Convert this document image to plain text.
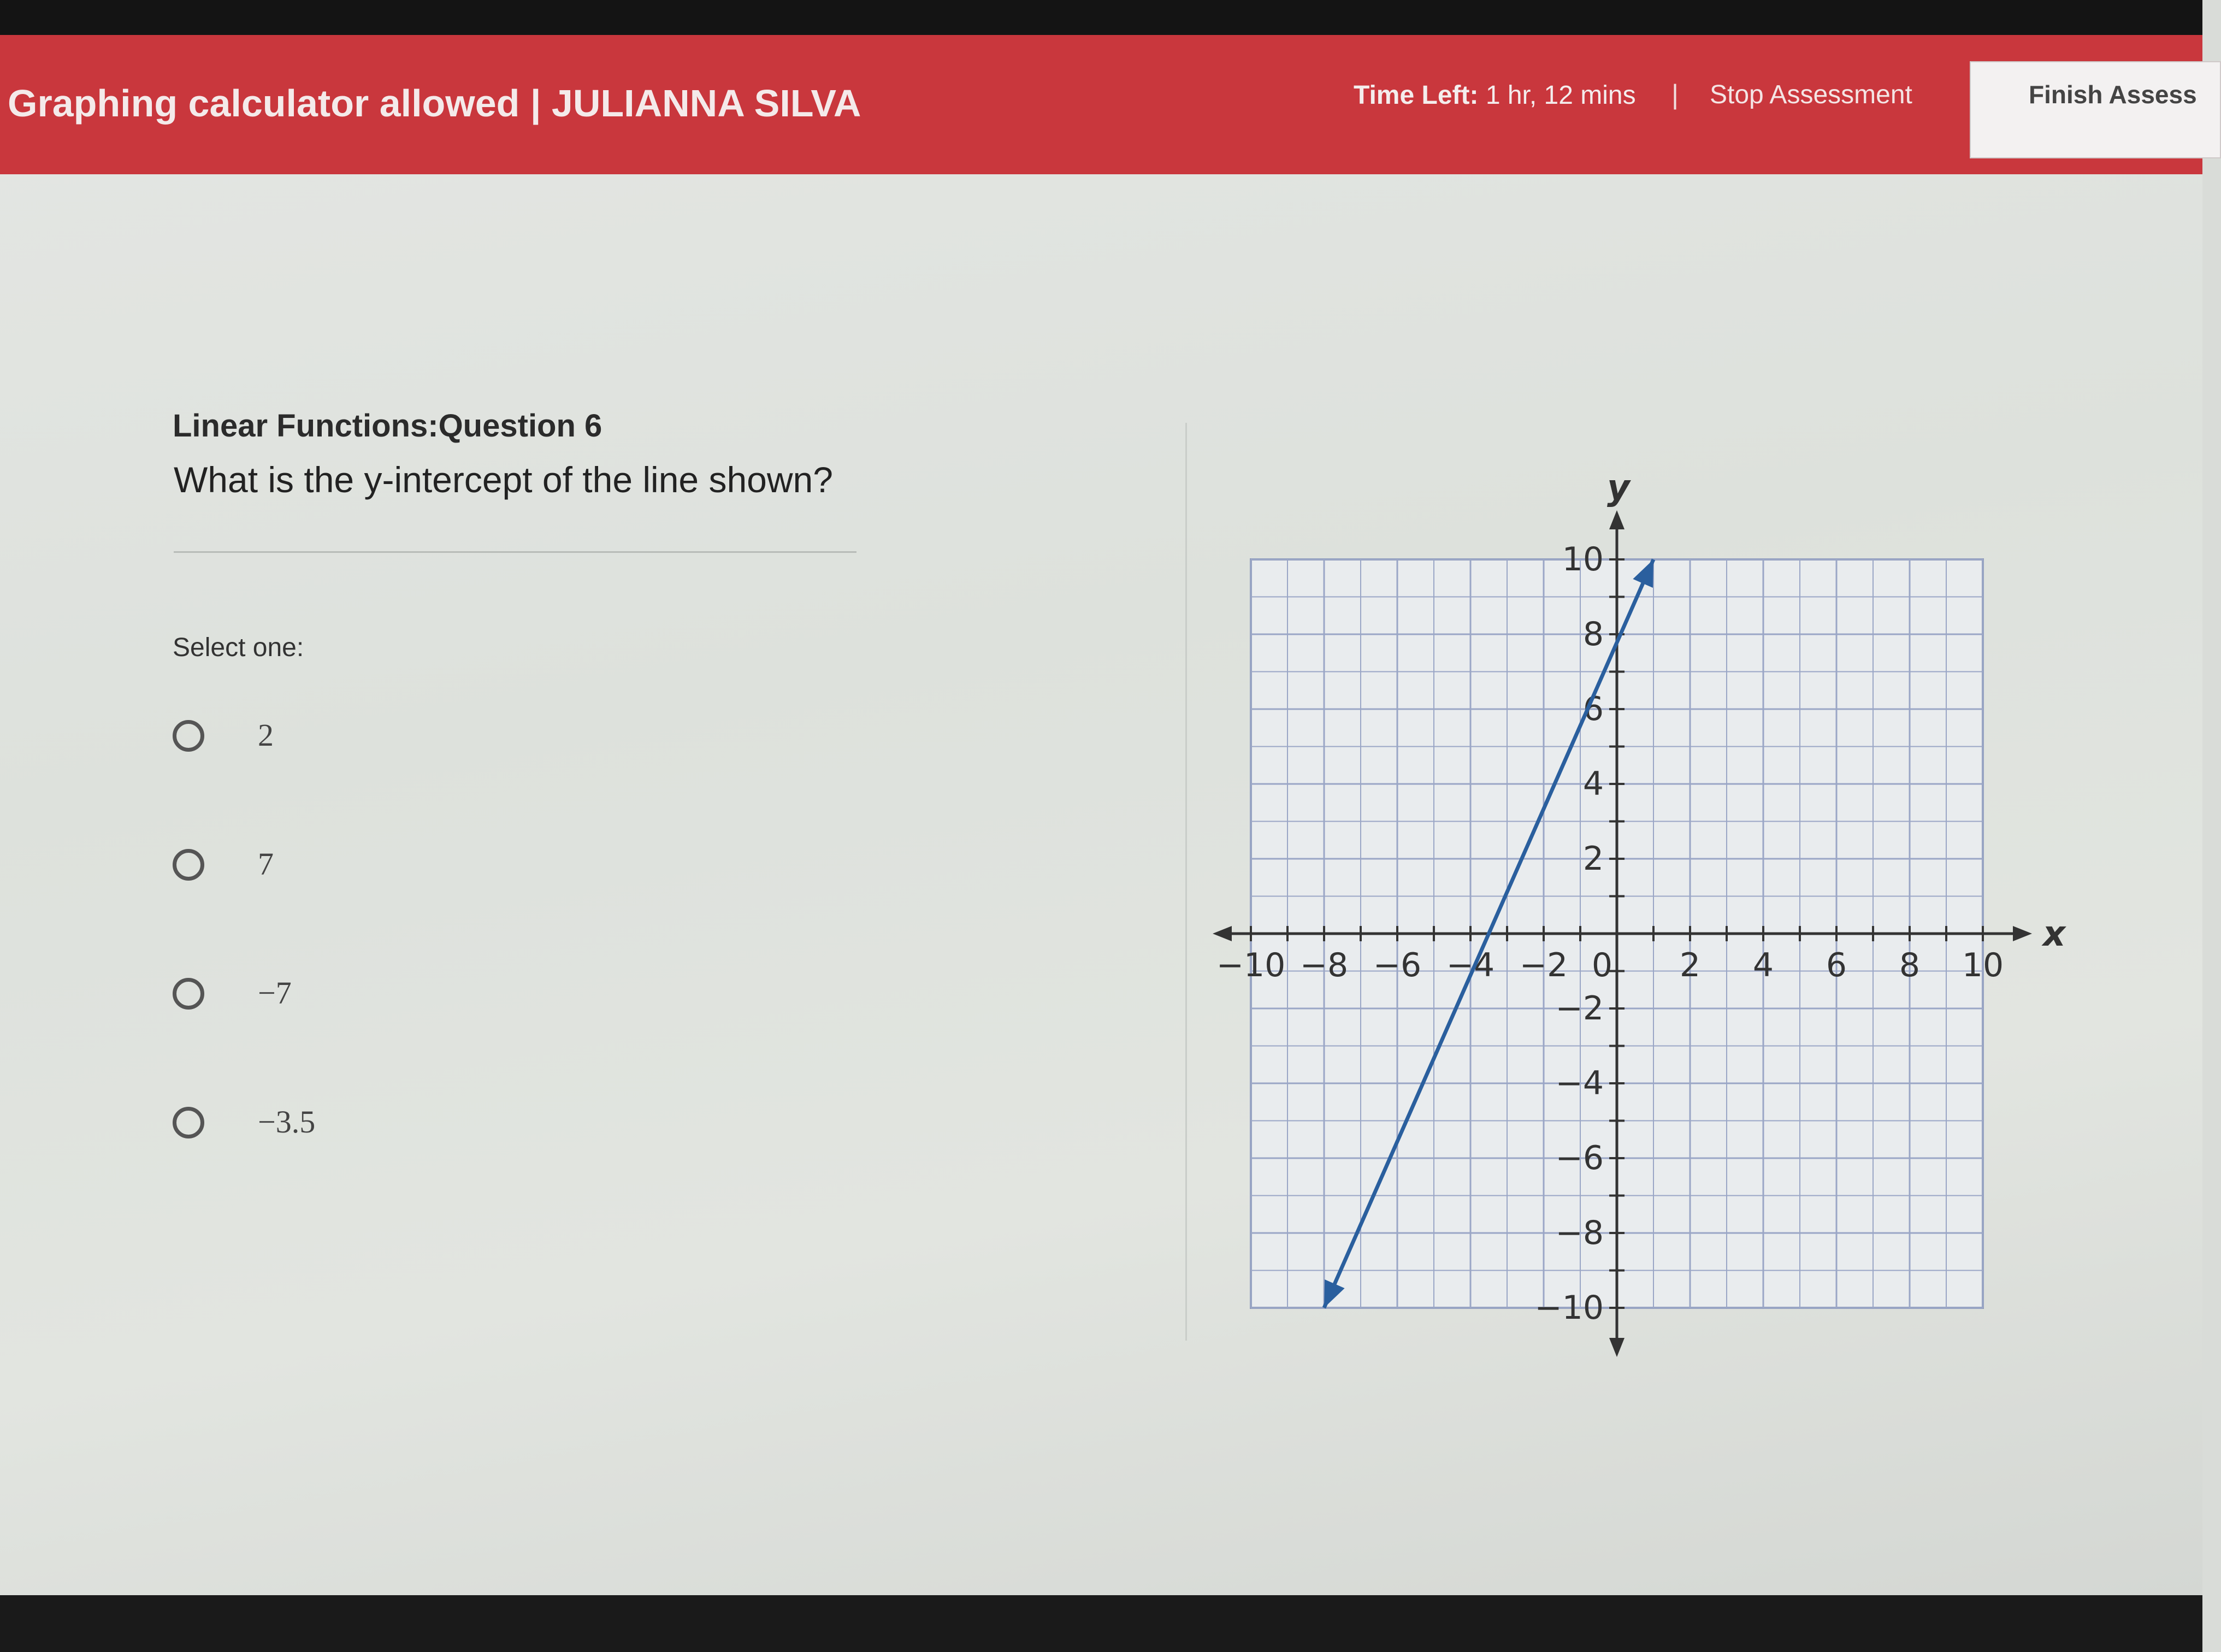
Graphing calculator allowed | JULIANNA SILVA	Time Left: 1 hr, 12 mins | Stop Assessment	Finish Assess
Linear Functions:Question 6
What is the y-intercept of the line shown?
Select one:
2
7
−7
−3.5
x
y
−10 −8 −6 −4 −2 0 2 4 6 8 10
10
8
6
4
2
−2
−4
−6
−8
−10
